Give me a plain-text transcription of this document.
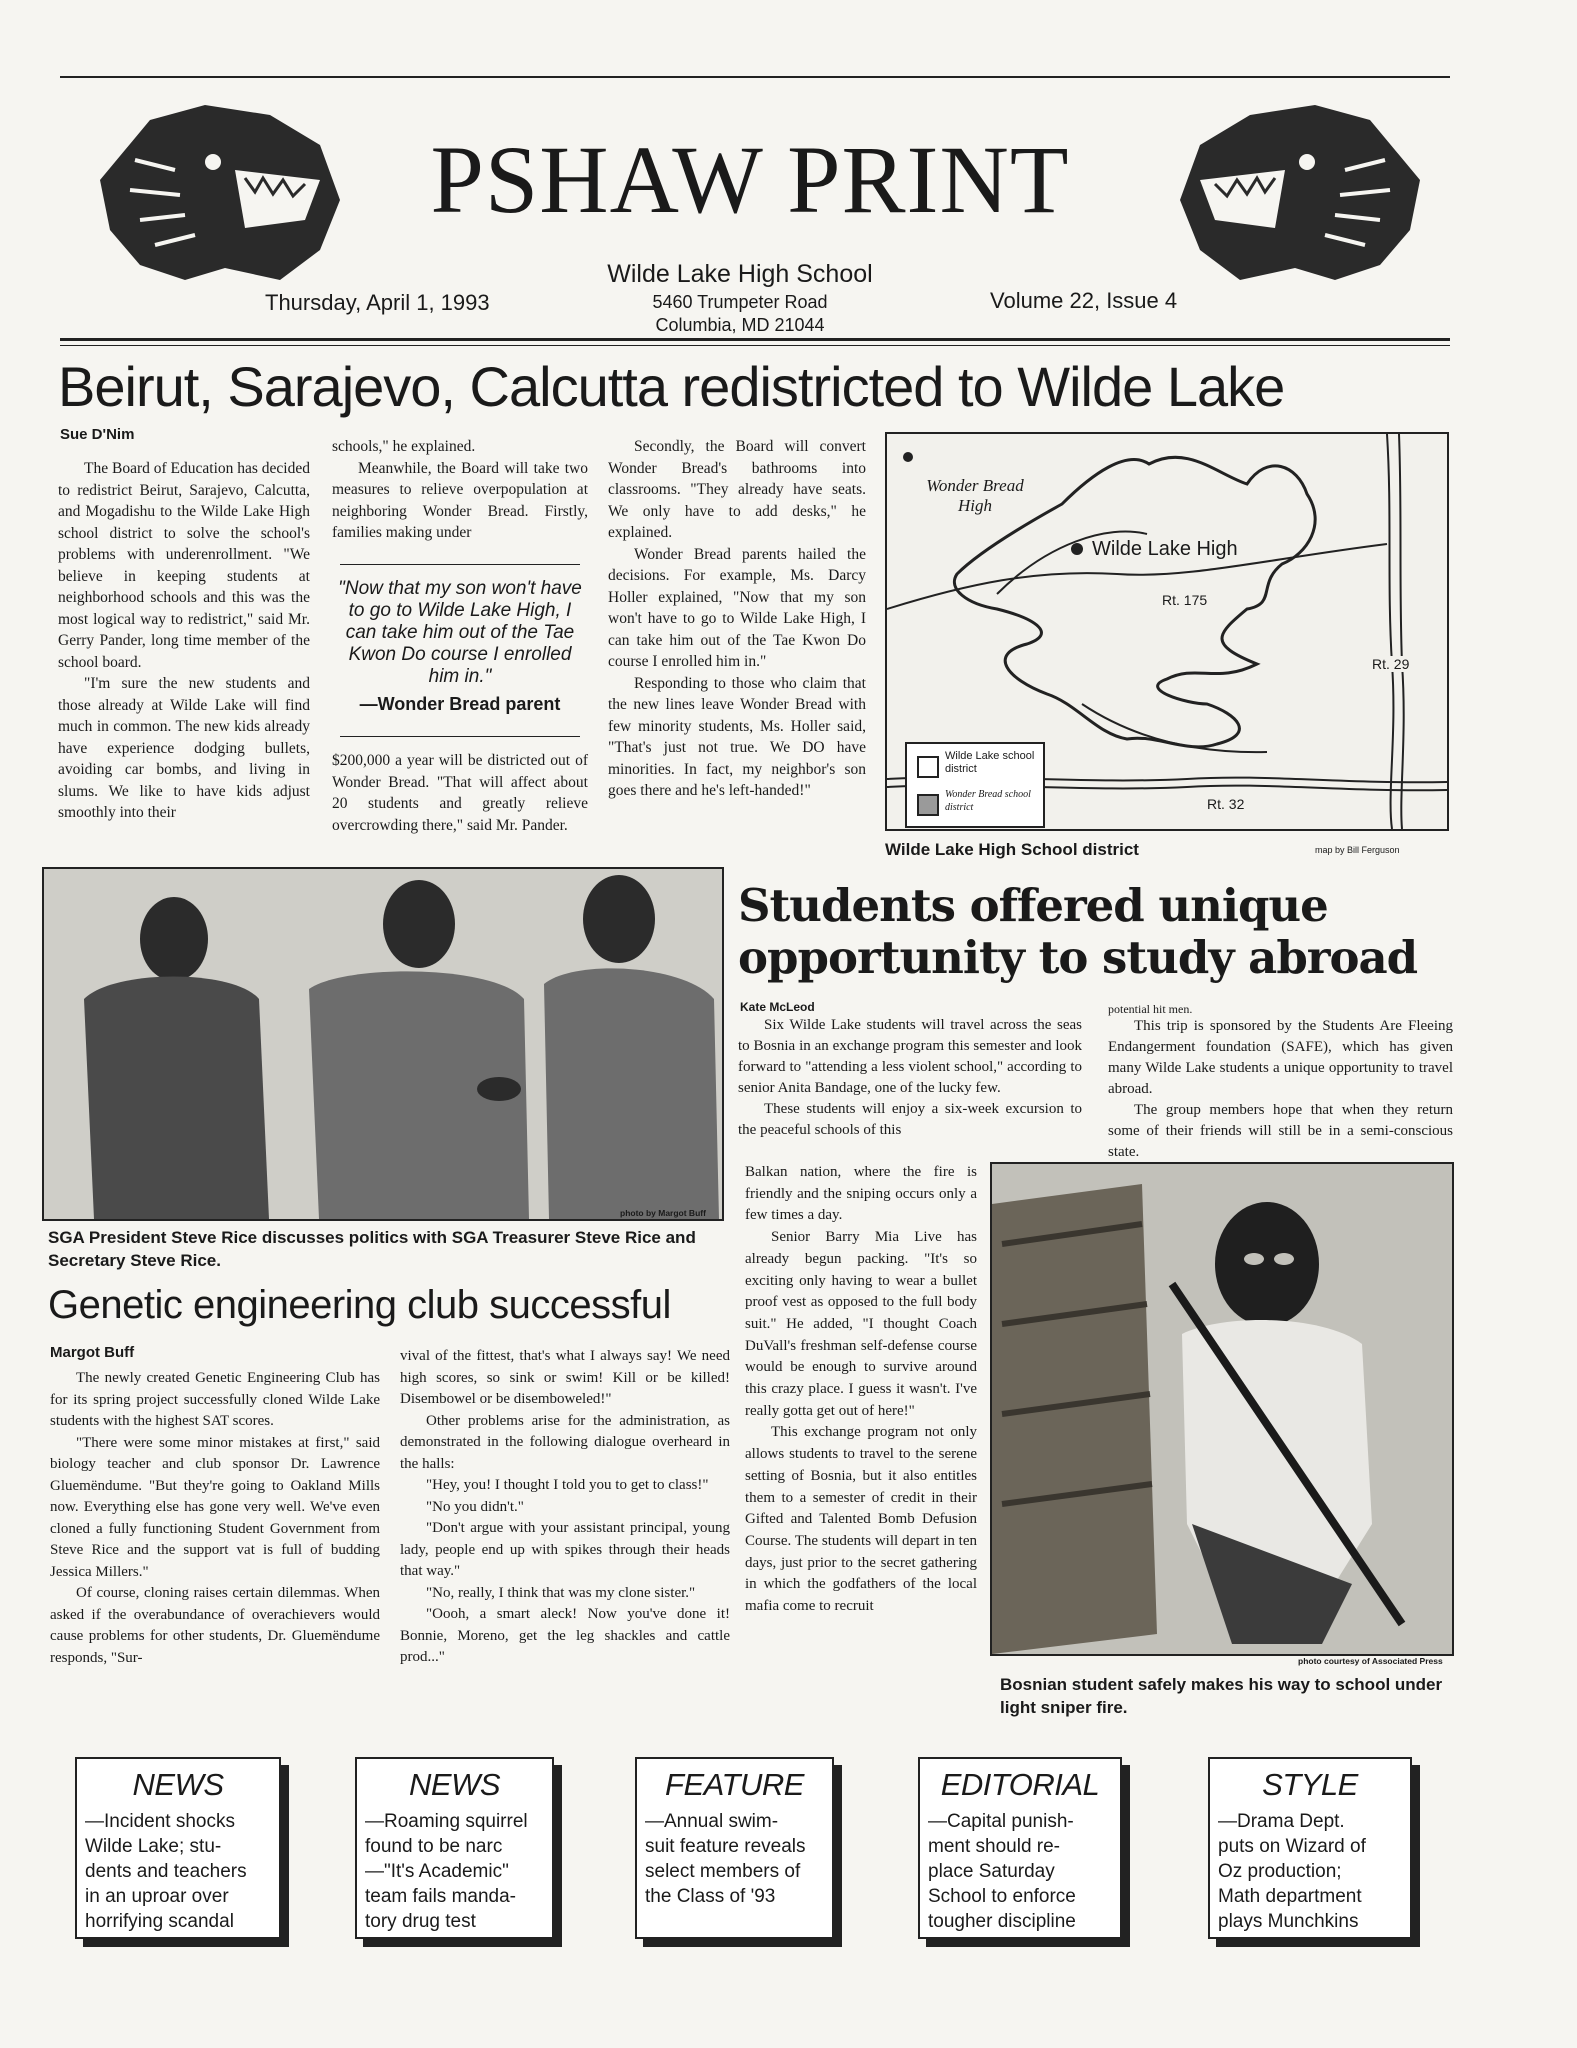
PSHAW PRINT
Thursday, April 1, 1993
Wilde Lake High School
5460 Trumpeter Road
Columbia, MD 21044
Volume 22, Issue 4
Beirut, Sarajevo, Calcutta redistricted to Wilde Lake
Sue D'Nim

The Board of Education has decided to redistrict Beirut, Sarajevo, Calcutta, and Mogadishu to the Wilde Lake High school district to solve the school's problems with underenrollment. "We believe in keeping students at neighborhood schools and this was the most logical way to redistrict," said Mr. Gerry Pander, long time member of the school board.

"I'm sure the new students and those already at Wilde Lake will find much in common. The new kids already have experience dodging bullets, avoiding car bombs, and living in slums. We like to have kids adjust smoothly into their

schools," he explained.

Meanwhile, the Board will take two measures to relieve overpopulation at neighboring Wonder Bread. Firstly, families making under

"Now that my son won't have to go to Wilde Lake High, I can take him out of the Tae Kwon Do course I enrolled him in."
—Wonder Bread parent

$200,000 a year will be districted out of Wonder Bread. "That will affect about 20 students and greatly relieve overcrowding there," said Mr. Pander.

Secondly, the Board will convert Wonder Bread's bathrooms into classrooms. "They already have seats. We only have to add desks," he explained.

Wonder Bread parents hailed the decisions. For example, Ms. Darcy Holler explained, "Now that my son won't have to go to Wilde Lake High, I can take him out of the Tae Kwon Do course I enrolled him in."

Responding to those who claim that the new lines leave Wonder Bread with few minority students, Ms. Holler said, "That's just not true. We DO have minorities. In fact, my neighbor's son goes there and he's left-handed!"

Wonder Bread High
Wilde Lake High
Rt. 175
Rt. 29
Rt. 32
Wilde Lake school district
Wonder Bread school district
Wilde Lake High School district	map by Bill Ferguson
photo by Margot Buff
SGA President Steve Rice discusses politics with SGA Treasurer Steve Rice and Secretary Steve Rice.
Genetic engineering club successful
Margot Buff

The newly created Genetic Engineering Club has for its spring project successfully cloned Wilde Lake students with the highest SAT scores.

"There were some minor mistakes at first," said biology teacher and club sponsor Dr. Lawrence Gluemëndume. "But they're going to Oakland Mills now. Everything else has gone very well. We've even cloned a fully functioning Student Government from Steve Rice and the support vat is full of budding Jessica Millers."

Of course, cloning raises certain dilemmas. When asked if the overabundance of overachievers would cause problems for other students, Dr. Gluemëndume responds, "Sur-

vival of the fittest, that's what I always say! We need high scores, so sink or swim! Kill or be killed! Disembowel or be disemboweled!"

Other problems arise for the administration, as demonstrated in the following dialogue overheard in the halls:

"Hey, you! I thought I told you to get to class!"

"No you didn't."

"Don't argue with your assistant principal, young lady, people end up with spikes through their heads that way."

"No, really, I think that was my clone sister."

"Oooh, a smart aleck! Now you've done it! Bonnie, Moreno, get the leg shackles and cattle prod..."

Students offered unique opportunity to study abroad
Kate McLeod

Six Wilde Lake students will travel across the seas to Bosnia in an exchange program this semester and look forward to "attending a less violent school," according to senior Anita Bandage, one of the lucky few.

These students will enjoy a six-week excursion to the peaceful schools of this

Balkan nation, where the fire is friendly and the sniping occurs only a few times a day.

Senior Barry Mia Live has already begun packing. "It's so exciting only having to wear a bullet proof vest as opposed to the full body suit." He added, "I thought Coach DuVall's freshman self-defense course would be enough to survive around this crazy place. I guess it wasn't. I've really gotta get out of here!"

This exchange program not only allows students to travel to the serene setting of Bosnia, but it also entitles them to a semester of credit in their Gifted and Talented Bomb Defusion Course. The students will depart in ten days, just prior to the secret gathering in which the godfathers of the local mafia come to recruit

potential hit men.

This trip is sponsored by the Students Are Fleeing Endangerment foundation (SAFE), which has given many Wilde Lake students a unique opportunity to travel abroad.

The group members hope that when they return some of their friends will still be in a semi-conscious state.

photo courtesy of Associated Press
Bosnian student safely makes his way to school under light sniper fire.
NEWS
—Incident shocks
Wilde Lake; stu-
dents and teachers
in an uproar over
horrifying scandal
NEWS
—Roaming squirrel
found to be narc
—"It's Academic"
team fails manda-
tory drug test
FEATURE
—Annual swim-
suit feature reveals
select members of
the Class of '93
EDITORIAL
—Capital punish-
ment should re-
place Saturday
School to enforce
tougher discipline
STYLE
—Drama Dept.
puts on Wizard of
Oz production;
Math department
plays Munchkins
